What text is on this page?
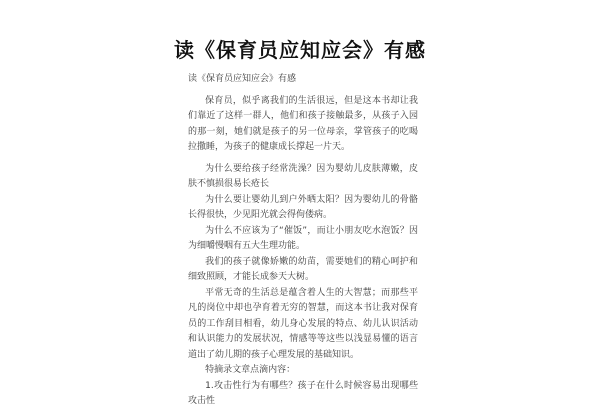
读《保育员应知应会》有感

读《保育员应知应会》有感

保育员，似乎离我们的生活很远，但是这本书却让我们靠近了这样一群人，他们和孩子接触最多，从孩子入园的那一刻，她们就是孩子的另一位母亲，掌管孩子的吃喝拉撒睡，为孩子的健康成长撑起一片天。

为什么要给孩子经常洗澡？因为婴幼儿皮肤薄嫩，皮肤不慎损很易长疮长

为什么要让婴幼儿到户外晒太阳？因为婴幼儿的骨骼长得很快，少见阳光就会得佝偻病。

为什么不应该为了“催饭”，而让小朋友吃水泡饭？因为细嚼慢咽有五大生理功能。

我们的孩子就像娇嫩的幼苗，需要她们的精心呵护和细致照顾，才能长成参天大树。

平常无奇的生活总是蕴含着人生的大智慧；而那些平凡的岗位中却也孕育着无穷的智慧，而这本书让我对保育员的工作刮目相看，幼儿身心发展的特点、幼儿认识活动和认识能力的发展状况，情感等等这些以浅显易懂的语言道出了幼儿期的孩子心理发展的基础知识。

特摘录文章点滴内容：

1.攻击性行为有哪些？孩子在什么时候容易出现哪些攻击性
